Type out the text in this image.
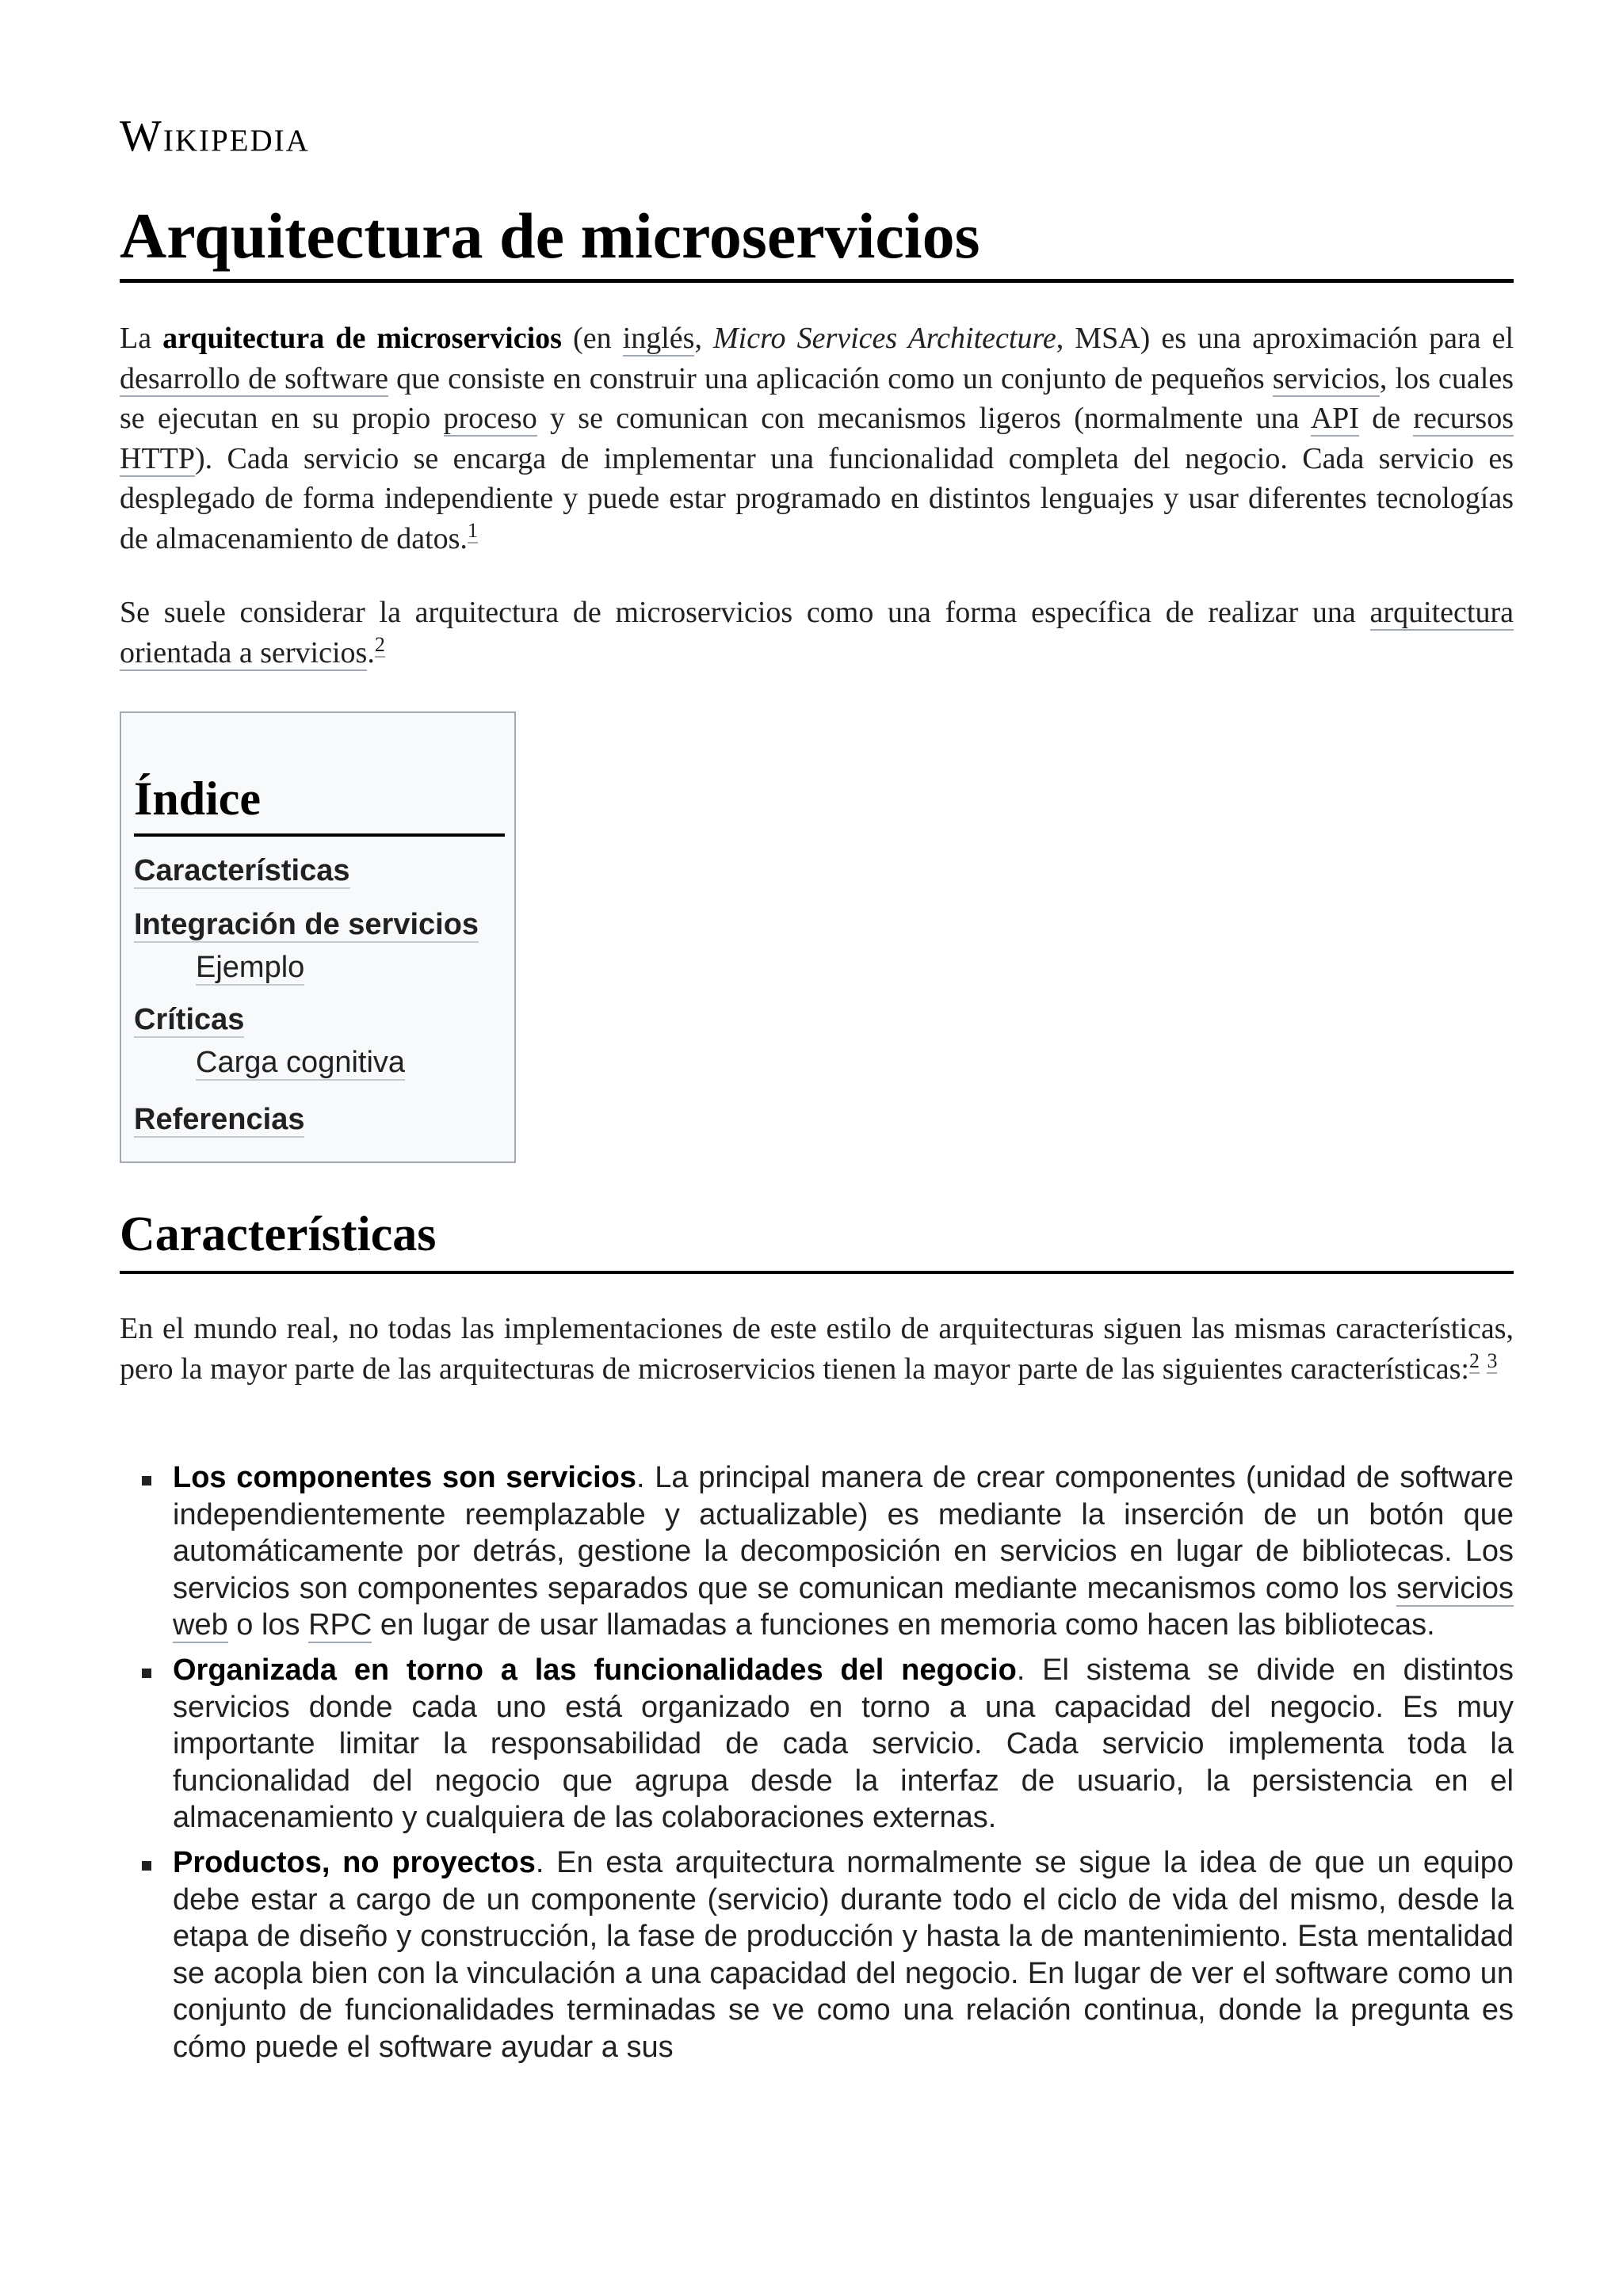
Wikipedia
Arquitectura de microservicios

La arquitectura de microservicios (en inglés, Micro Services Architecture, MSA) es una aproximación para el desarrollo de software que consiste en construir una aplicación como un conjunto de pequeños servicios, los cuales se ejecutan en su propio proceso y se comunican con mecanismos ligeros (normalmente una API de recursos HTTP). Cada servicio se encarga de implementar una funcionalidad completa del negocio. Cada servicio es desplegado de forma independiente y puede estar programado en distintos lenguajes y usar diferentes tecnologías de almacenamiento de datos.$^1$

Se suele considerar la arquitectura de microservicios como una forma específica de realizar una arquitectura orientada a servicios.$^2$

Índice
Características
Integración de servicios
Ejemplo
Críticas
Carga cognitiva
Referencias
Características

En el mundo real, no todas las implementaciones de este estilo de arquitecturas siguen las mismas características, pero la mayor parte de las arquitecturas de microservicios tienen la mayor parte de las siguientes características:$^2$ $^3$

Los componentes son servicios. La principal manera de crear componentes (unidad de software independientemente reemplazable y actualizable) es mediante la inserción de un botón que automáticamente por detrás, gestione la decomposición en servicios en lugar de bibliotecas. Los servicios son componentes separados que se comunican mediante mecanismos como los servicios web o los RPC en lugar de usar llamadas a funciones en memoria como hacen las bibliotecas.
Organizada en torno a las funcionalidades del negocio. El sistema se divide en distintos servicios donde cada uno está organizado en torno a una capacidad del negocio. Es muy importante limitar la responsabilidad de cada servicio. Cada servicio implementa toda la funcionalidad del negocio que agrupa desde la interfaz de usuario, la persistencia en el almacenamiento y cualquiera de las colaboraciones externas.
Productos, no proyectos. En esta arquitectura normalmente se sigue la idea de que un equipo debe estar a cargo de un componente (servicio) durante todo el ciclo de vida del mismo, desde la etapa de diseño y construcción, la fase de producción y hasta la de mantenimiento. Esta mentalidad se acopla bien con la vinculación a una capacidad del negocio. En lugar de ver el software como un conjunto de funcionalidades terminadas se ve como una relación continua, donde la pregunta es cómo puede el software ayudar a sus
